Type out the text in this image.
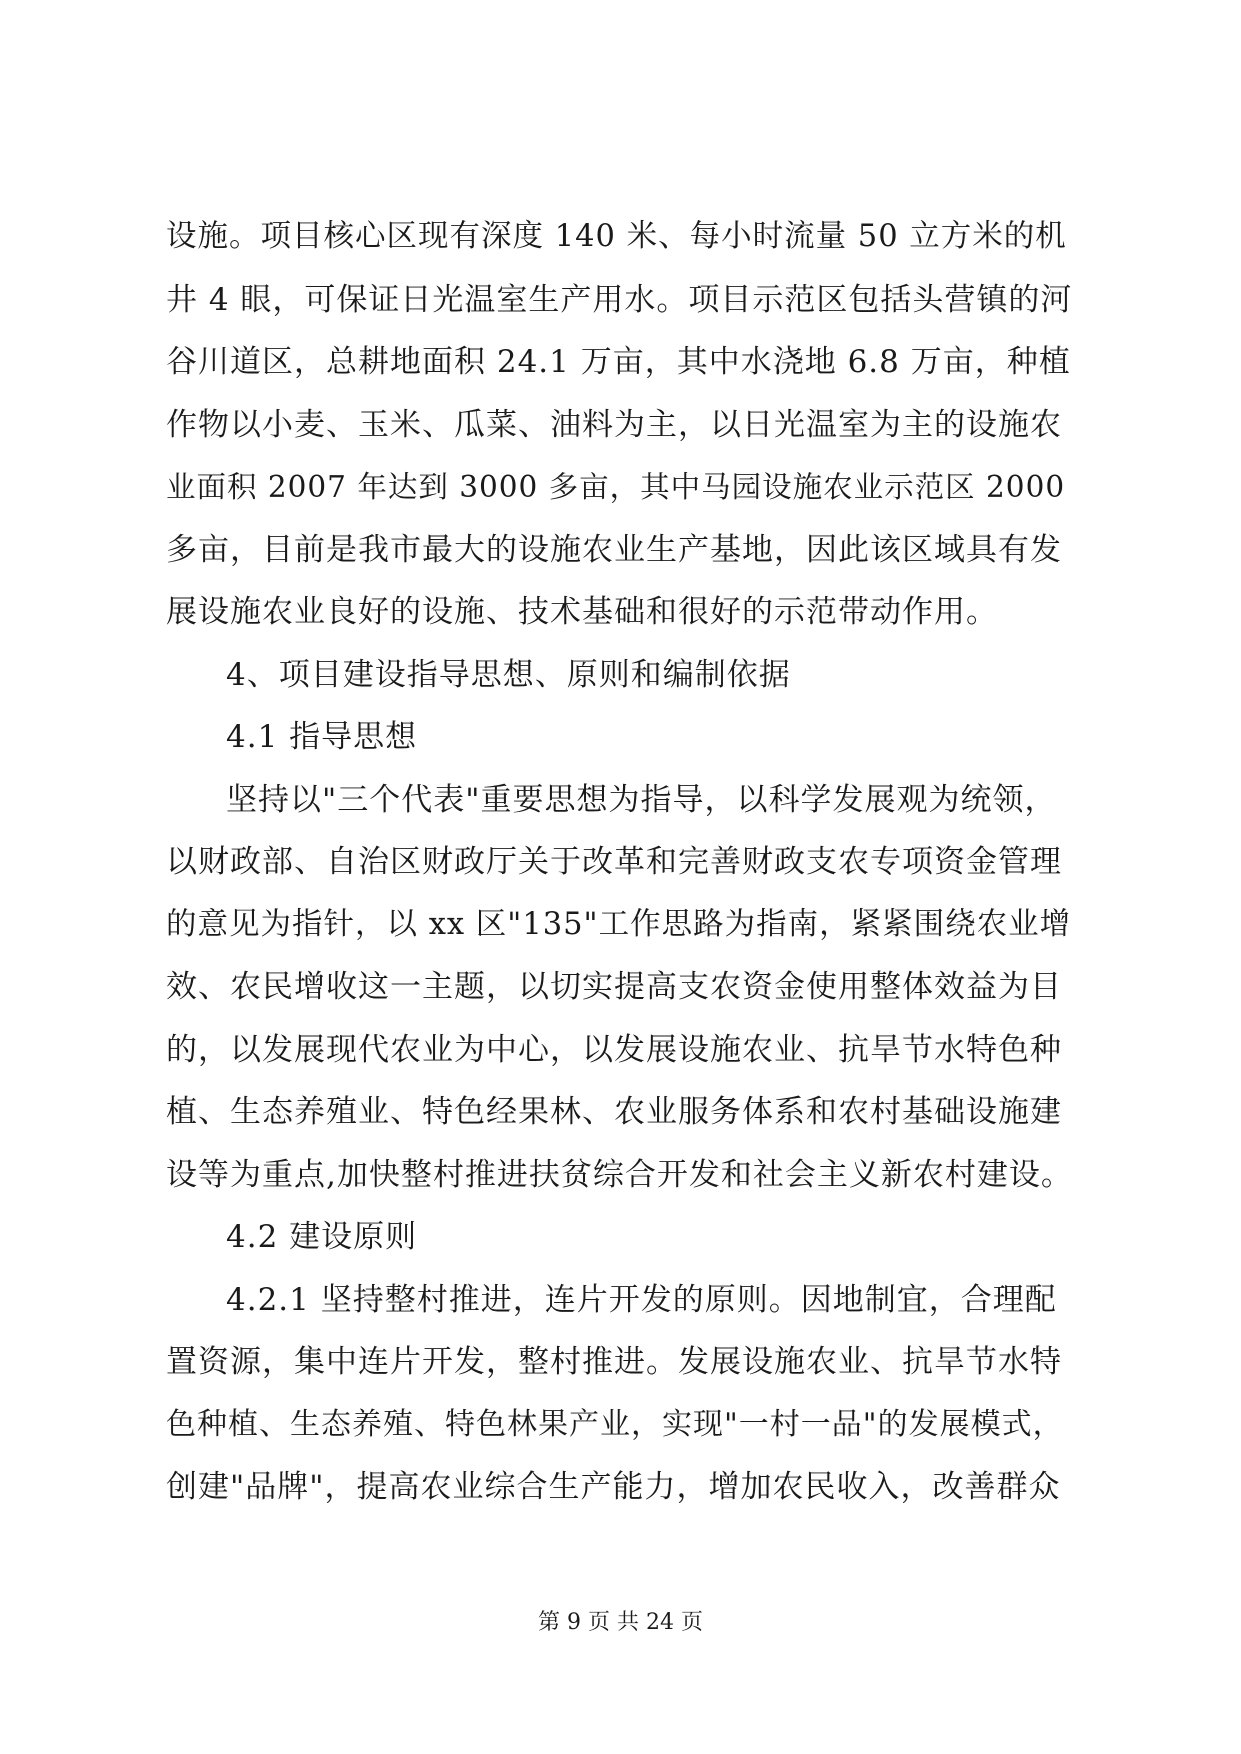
设施。项目核心区现有深度 140 米、每小时流量 50 立方米的机
井 4 眼，可保证日光温室生产用水。项目示范区包括头营镇的河
谷川道区，总耕地面积 24.1 万亩，其中水浇地 6.8 万亩，种植
作物以小麦、玉米、瓜菜、油料为主，以日光温室为主的设施农
业面积 2007 年达到 3000 多亩，其中马园设施农业示范区 2000
多亩，目前是我市最大的设施农业生产基地，因此该区域具有发
展设施农业良好的设施、技术基础和很好的示范带动作用。
4、项目建设指导思想、原则和编制依据
4.1 指导思想
坚持以"三个代表"重要思想为指导，以科学发展观为统领，
以财政部、自治区财政厅关于改革和完善财政支农专项资金管理
的意见为指针，以 xx 区"135"工作思路为指南，紧紧围绕农业增
效、农民增收这一主题，以切实提高支农资金使用整体效益为目
的，以发展现代农业为中心，以发展设施农业、抗旱节水特色种
植、生态养殖业、特色经果林、农业服务体系和农村基础设施建
设等为重点,加快整村推进扶贫综合开发和社会主义新农村建设。
4.2 建设原则
4.2.1 坚持整村推进，连片开发的原则。因地制宜，合理配
置资源，集中连片开发，整村推进。发展设施农业、抗旱节水特
色种植、生态养殖、特色林果产业，实现"一村一品"的发展模式，
创建"品牌"，提高农业综合生产能力，增加农民收入，改善群众
第 9 页 共 24 页
